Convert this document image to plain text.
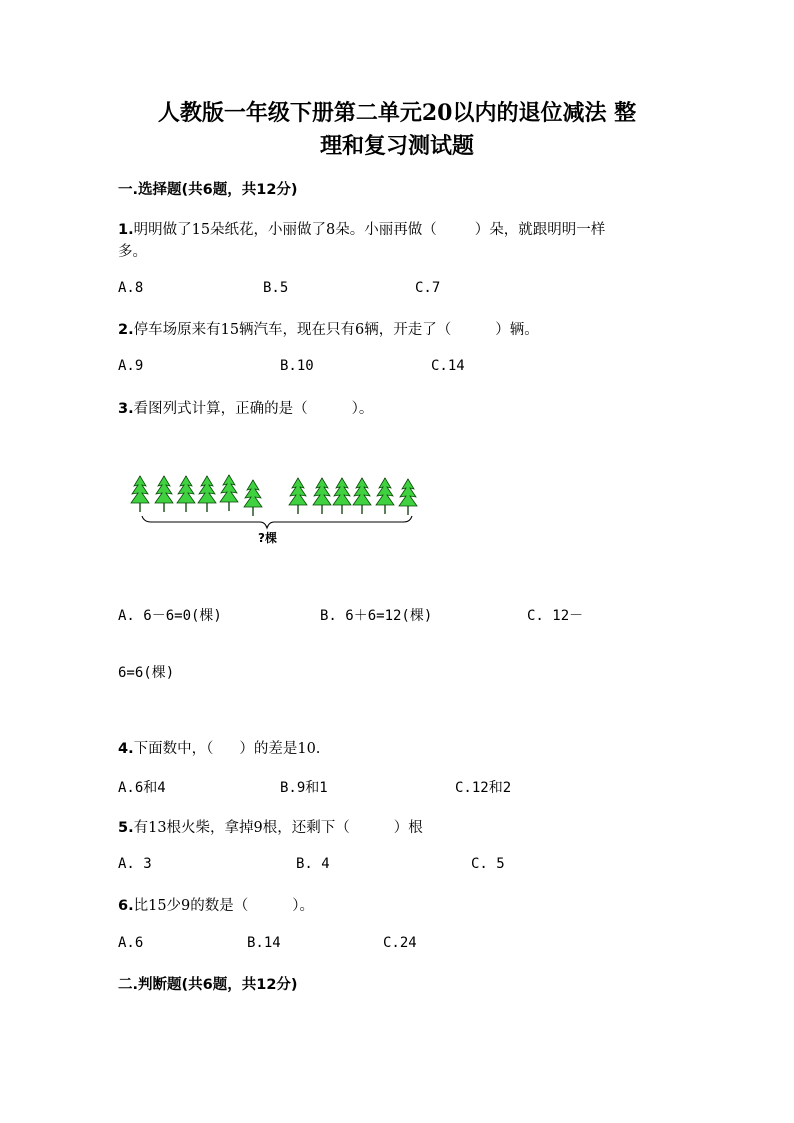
人教版一年级下册第二单元20以内的退位减法 整
理和复习测试题
一.选择题(共6题，共12分)
1.明明做了15朵纸花，小丽做了8朵。小丽再做（	）朵，就跟明明一样
多。
A.8	B.5	C.7
2.停车场原来有15辆汽车，现在只有6辆，开走了（	）辆。
A.9	B.10	C.14
3.看图列式计算，正确的是（	）。
?棵
A. 6－6=0(棵)	B. 6＋6=12(棵)	C. 12－
6=6(棵)
4.下面数中，（ ）的差是10.
A.6和4	B.9和1	C.12和2
5.有13根火柴，拿掉9根，还剩下（	）根
A. 3	B. 4	C. 5
6.比15少9的数是（	）。
A.6	B.14	C.24
二.判断题(共6题，共12分)
